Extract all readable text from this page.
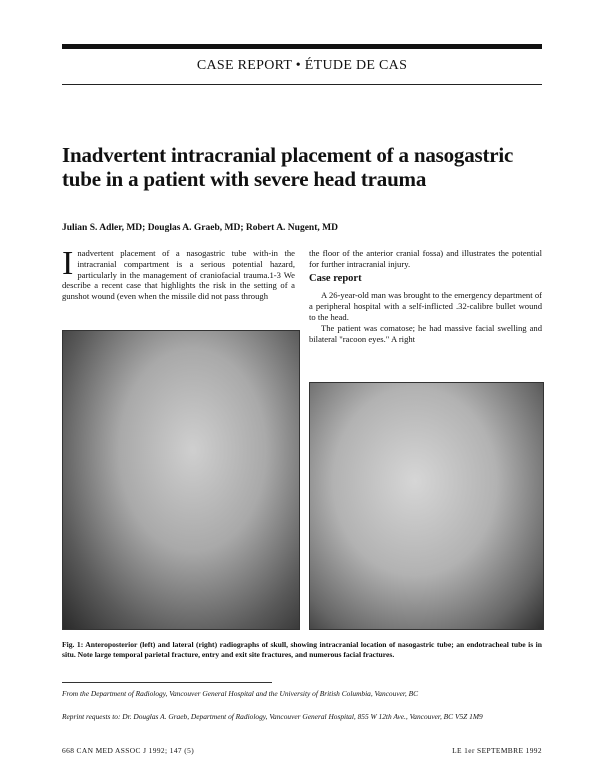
CASE REPORT • ÉTUDE DE CAS
Inadvertent intracranial placement of a nasogastric
tube in a patient with severe head trauma
Julian S. Adler, MD; Douglas A. Graeb, MD; Robert A. Nugent, MD
I nadvertent placement of a nasogastric tube with-in the intracranial compartment is a serious potential hazard, particularly in the management of craniofacial trauma.1-3 We describe a recent case that highlights the risk in the setting of a gunshot wound (even when the missile did not pass through

the floor of the anterior cranial fossa) and illustrates the potential for further intracranial injury.

Case report

A 26-year-old man was brought to the emergency department of a peripheral hospital with a self-inflicted .32-calibre bullet wound to the head.

The patient was comatose; he had massive facial swelling and bilateral "racoon eyes." A right

Fig. 1: Anteroposterior (left) and lateral (right) radiographs of skull, showing intracranial location of nasogastric tube; an endotracheal tube is in situ. Note large temporal parietal fracture, entry and exit site fractures, and numerous facial fractures.
From the Department of Radiology, Vancouver General Hospital and the University of British Columbia, Vancouver, BC
Reprint requests to: Dr. Douglas A. Graeb, Department of Radiology, Vancouver General Hospital, 855 W 12th Ave., Vancouver, BC V5Z 1M9
668 CAN MED ASSOC J 1992; 147 (5)	LE 1er SEPTEMBRE 1992
